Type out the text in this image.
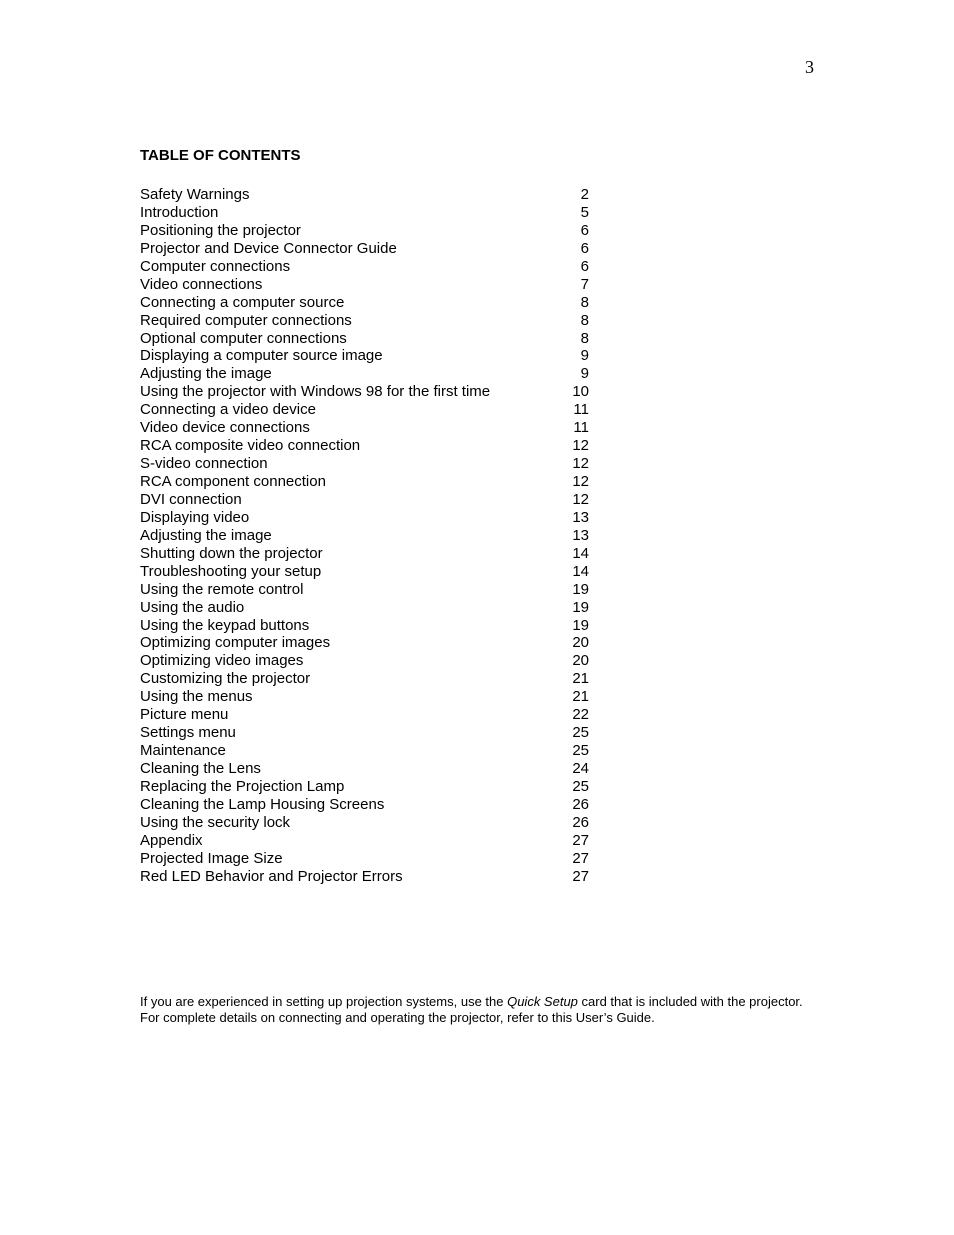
3
TABLE OF CONTENTS
Safety Warnings	2
Introduction	5
Positioning the projector	6
Projector and Device Connector Guide	6
Computer connections	6
Video connections	7
Connecting a computer source	8
Required computer connections	8
Optional computer connections	8
Displaying a computer source image	9
Adjusting the image	9
Using the projector with Windows 98 for the first time	10
Connecting a video device	11
Video device connections	11
RCA composite video connection	12
S-video connection	12
RCA component connection	12
DVI connection	12
Displaying video	13
Adjusting the image	13
Shutting down the projector	14
Troubleshooting your setup	14
Using the remote control	19
Using the audio	19
Using the keypad buttons	19
Optimizing computer images	20
Optimizing video images	20
Customizing the projector	21
Using the menus	21
Picture menu	22
Settings menu	25
Maintenance	25
Cleaning the Lens	24
Replacing the Projection Lamp	25
Cleaning the Lamp Housing Screens	26
Using the security lock	26
Appendix	27
Projected Image Size	27
Red LED Behavior and Projector Errors	27

If you are experienced in setting up projection systems, use the Quick Setup card that is included with the projector. For complete details on connecting and operating the projector, refer to this User’s Guide.
